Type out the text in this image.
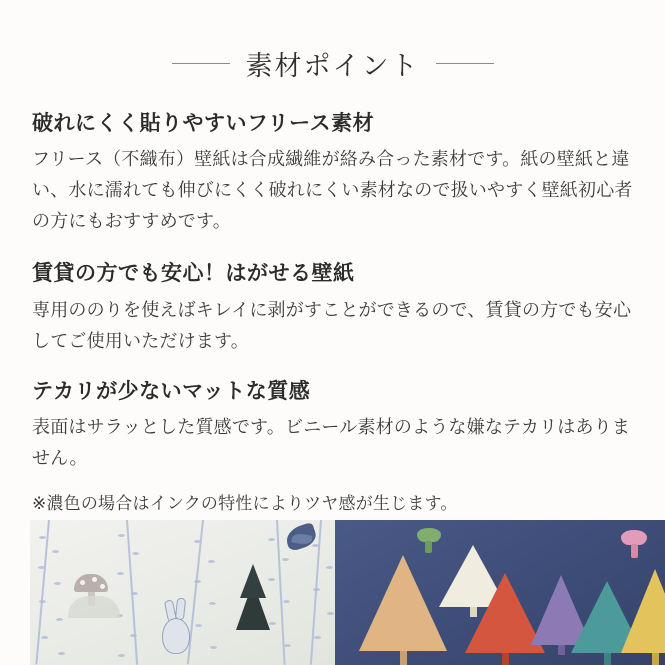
素材ポイント
破れにくく貼りやすいフリース素材

フリース（不織布）壁紙は合成繊維が絡み合った素材です。紙の壁紙と違い、水に濡れても伸びにくく破れにくい素材なので扱いやすく壁紙初心者の方にもおすすめです。

賃貸の方でも安心！はがせる壁紙

専用ののりを使えばキレイに剥がすことができるので、賃貸の方でも安心してご使用いただけます。

テカリが少ないマットな質感

表面はサラッとした質感です。ビニール素材のような嫌なテカリはありません。

※濃色の場合はインクの特性によりツヤ感が生じます。
